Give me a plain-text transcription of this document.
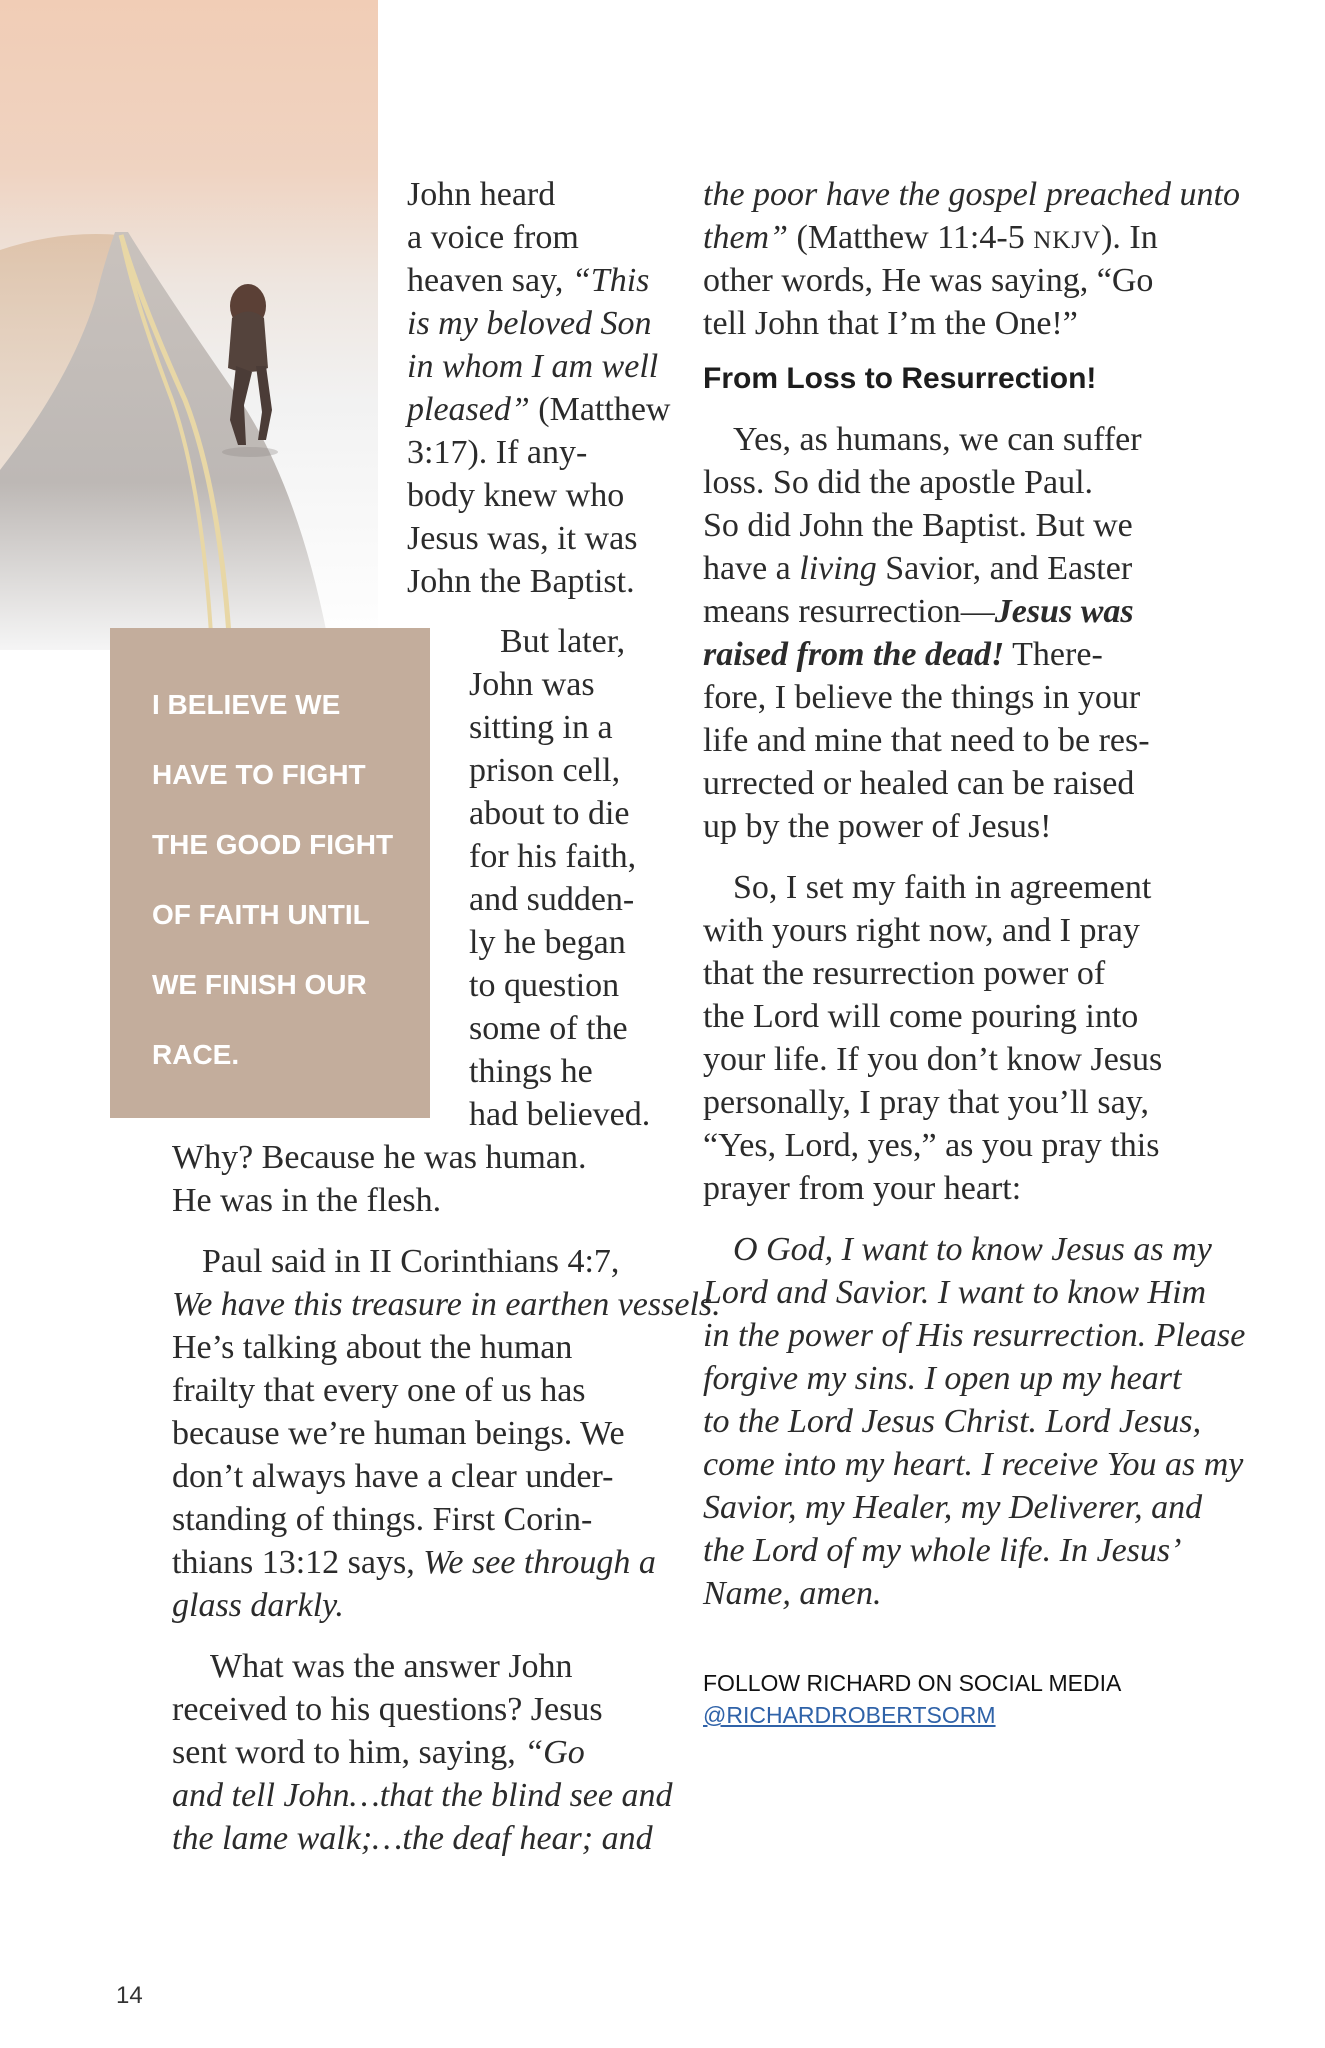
John heard
a voice from
heaven say, “This
is my beloved Son
in whom I am well
pleased” (Matthew
3:17). If any-
body knew who
Jesus was, it was
John the Baptist.
But later,
John was
sitting in a
prison cell,
about to die
for his faith,
and sudden-
ly he began
to question
some of the
things he
had believed.
Why? Because he was human.
He was in the flesh.
Paul said in II Corinthians 4:7,
We have this treasure in earthen vessels.
He’s talking about the human
frailty that every one of us has
because we’re human beings. We
don’t always have a clear under-
standing of things. First Corin-
thians 13:12 says, We see through a
glass darkly.
What was the answer John
received to his questions? Jesus
sent word to him, saying, “Go
and tell John…that the blind see and
the lame walk;…the deaf hear; and
I BELIEVE WE
HAVE TO FIGHT
THE GOOD FIGHT
OF FAITH UNTIL
WE FINISH OUR
RACE.
the poor have the gospel preached unto
them” (Matthew 11:4-5 NKJV). In
other words, He was saying, “Go
tell John that I’m the One!”
From Loss to Resurrection!
Yes, as humans, we can suffer
loss. So did the apostle Paul.
So did John the Baptist. But we
have a living Savior, and Easter
means resurrection—Jesus was
raised from the dead! There-
fore, I believe the things in your
life and mine that need to be res-
urrected or healed can be raised
up by the power of Jesus!
So, I set my faith in agreement
with yours right now, and I pray
that the resurrection power of
the Lord will come pouring into
your life. If you don’t know Jesus
personally, I pray that you’ll say,
“Yes, Lord, yes,” as you pray this
prayer from your heart:
O God, I want to know Jesus as my
Lord and Savior. I want to know Him
in the power of His resurrection. Please
forgive my sins. I open up my heart
to the Lord Jesus Christ. Lord Jesus,
come into my heart. I receive You as my
Savior, my Healer, my Deliverer, and
the Lord of my whole life. In Jesus’
Name, amen.
FOLLOW RICHARD ON SOCIAL MEDIA
@RICHARDROBERTSORM
14
